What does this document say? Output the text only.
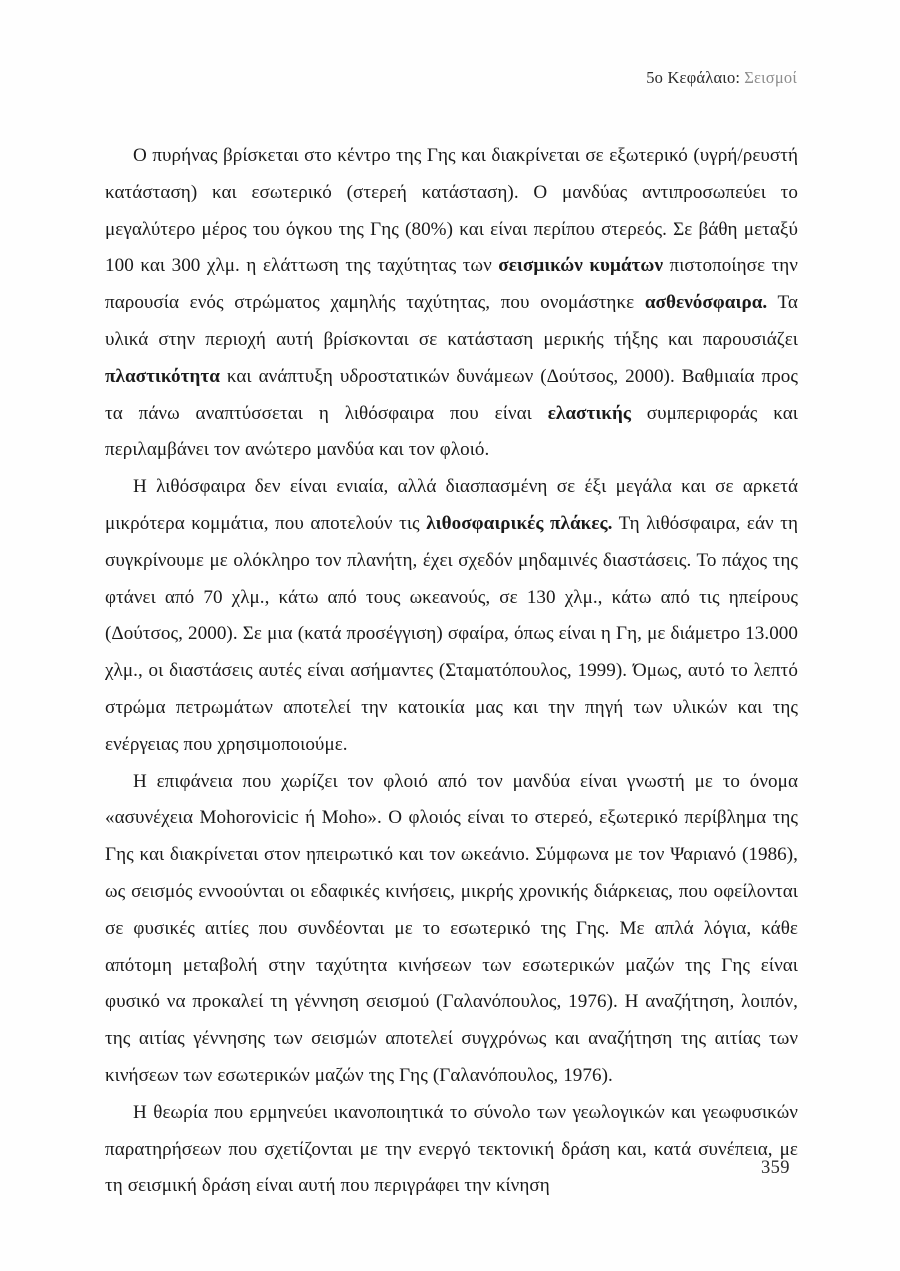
5ο Κεφάλαιο: Σεισμοί

Ο πυρήνας βρίσκεται στο κέντρο της Γης και διακρίνεται σε εξωτερικό (υγρή/ρευστή κατάσταση) και εσωτερικό (στερεή κατάσταση). Ο μανδύας αντιπροσωπεύει το μεγαλύτερο μέρος του όγκου της Γης (80%) και είναι περίπου στερεός. Σε βάθη μεταξύ 100 και 300 χλμ. η ελάττωση της ταχύτητας των σεισμικών κυμάτων πιστοποίησε την παρουσία ενός στρώματος χαμηλής ταχύτητας, που ονομάστηκε ασθενόσφαιρα. Τα υλικά στην περιοχή αυτή βρίσκονται σε κατάσταση μερικής τήξης και παρουσιάζει πλαστικότητα και ανάπτυξη υδροστατικών δυνάμεων (Δούτσος, 2000). Βαθμιαία προς τα πάνω αναπτύσσεται η λιθόσφαιρα που είναι ελαστικής συμπεριφοράς και περιλαμβάνει τον ανώτερο μανδύα και τον φλοιό.

Η λιθόσφαιρα δεν είναι ενιαία, αλλά διασπασμένη σε έξι μεγάλα και σε αρκετά μικρότερα κομμάτια, που αποτελούν τις λιθοσφαιρικές πλάκες. Τη λιθόσφαιρα, εάν τη συγκρίνουμε με ολόκληρο τον πλανήτη, έχει σχεδόν μηδαμινές διαστάσεις. Το πάχος της φτάνει από 70 χλμ., κάτω από τους ωκεανούς, σε 130 χλμ., κάτω από τις ηπείρους (Δούτσος, 2000). Σε μια (κατά προσέγγιση) σφαίρα, όπως είναι η Γη, με διάμετρο 13.000 χλμ., οι διαστάσεις αυτές είναι ασήμαντες (Σταματόπουλος, 1999). Όμως, αυτό το λεπτό στρώμα πετρωμάτων αποτελεί την κατοικία μας και την πηγή των υλικών και της ενέργειας που χρησιμοποιούμε.

Η επιφάνεια που χωρίζει τον φλοιό από τον μανδύα είναι γνωστή με το όνομα «ασυνέχεια Mohorovicic ή Moho». Ο φλοιός είναι το στερεό, εξωτερικό περίβλημα της Γης και διακρίνεται στον ηπειρωτικό και τον ωκεάνιο. Σύμφωνα με τον Ψαριανό (1986), ως σεισμός εννοούνται οι εδαφικές κινήσεις, μικρής χρονικής διάρκειας, που οφείλονται σε φυσικές αιτίες που συνδέονται με το εσωτερικό της Γης. Με απλά λόγια, κάθε απότομη μεταβολή στην ταχύτητα κινήσεων των εσωτερικών μαζών της Γης είναι φυσικό να προκαλεί τη γέννηση σεισμού (Γαλανόπουλος, 1976). Η αναζήτηση, λοιπόν, της αιτίας γέννησης των σεισμών αποτελεί συγχρόνως και αναζήτηση της αιτίας των κινήσεων των εσωτερικών μαζών της Γης (Γαλανόπουλος, 1976).

Η θεωρία που ερμηνεύει ικανοποιητικά το σύνολο των γεωλογικών και γεωφυσικών παρατηρήσεων που σχετίζονται με την ενεργό τεκτονική δράση και, κατά συνέπεια, με τη σεισμική δράση είναι αυτή που περιγράφει την κίνηση

359
